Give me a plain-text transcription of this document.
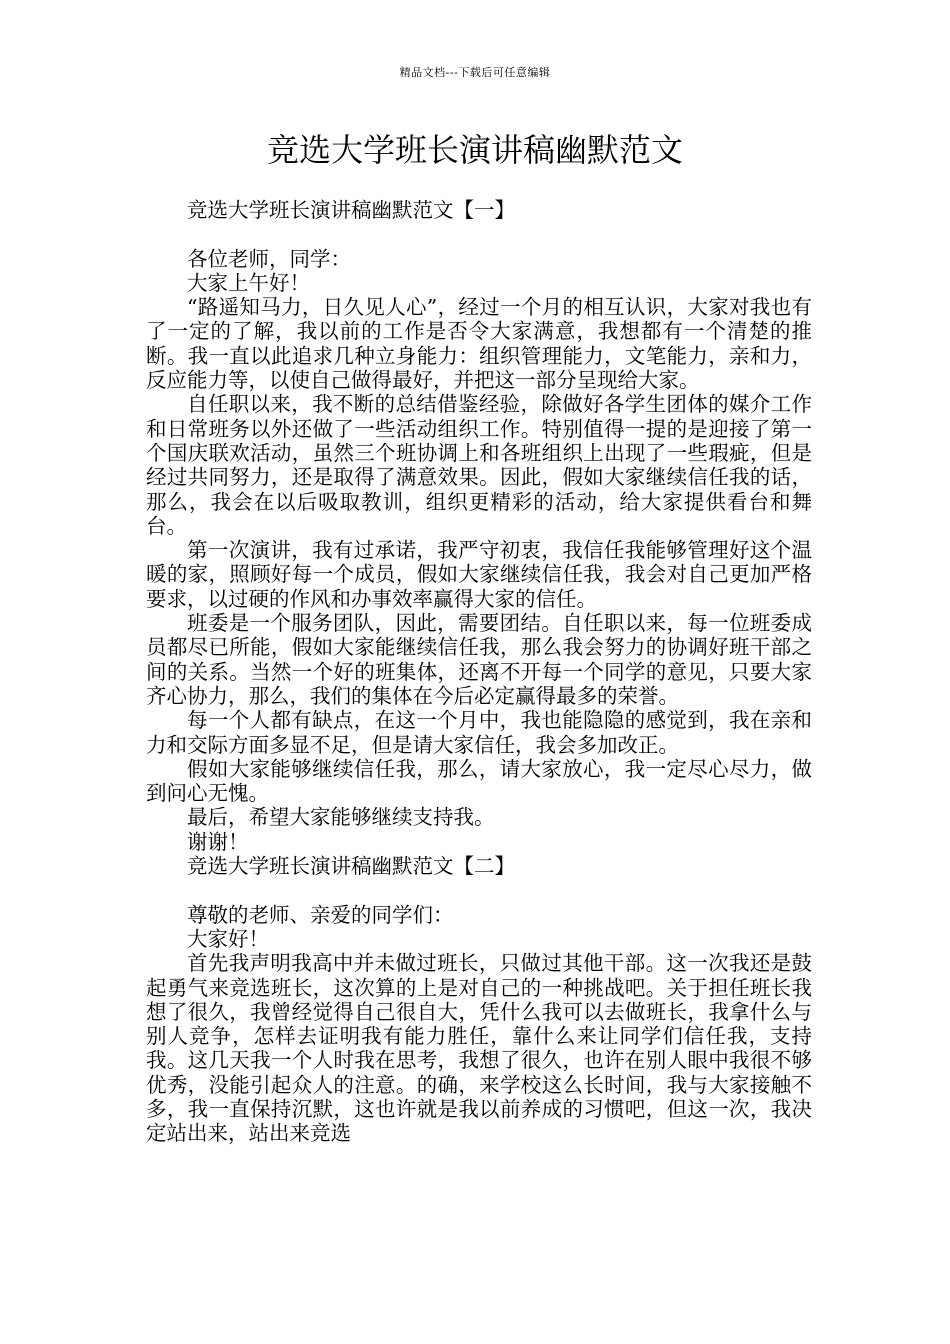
精品文档---下载后可任意编辑
竞选大学班长演讲稿幽默范文

竞选大学班长演讲稿幽默范文【一】

各位老师，同学：

大家上午好！

“路遥知马力，日久见人心”，经过一个月的相互认识，大家对我也有了一定的了解，我以前的工作是否令大家满意，我想都有一个清楚的推断。我一直以此追求几种立身能力：组织管理能力，文笔能力，亲和力，反应能力等，以使自己做得最好，并把这一部分呈现给大家。

自任职以来，我不断的总结借鉴经验，除做好各学生团体的媒介工作和日常班务以外还做了一些活动组织工作。特别值得一提的是迎接了第一个国庆联欢活动，虽然三个班协调上和各班组织上出现了一些瑕疵，但是经过共同努力，还是取得了满意效果。因此，假如大家继续信任我的话，那么，我会在以后吸取教训，组织更精彩的活动，给大家提供看台和舞台。

第一次演讲，我有过承诺，我严守初衷，我信任我能够管理好这个温暖的家，照顾好每一个成员，假如大家继续信任我，我会对自己更加严格要求，以过硬的作风和办事效率赢得大家的信任。

班委是一个服务团队，因此，需要团结。自任职以来，每一位班委成员都尽已所能，假如大家能继续信任我，那么我会努力的协调好班干部之间的关系。当然一个好的班集体，还离不开每一个同学的意见，只要大家齐心协力，那么，我们的集体在今后必定赢得最多的荣誉。

每一个人都有缺点，在这一个月中，我也能隐隐的感觉到，我在亲和力和交际方面多显不足，但是请大家信任，我会多加改正。

假如大家能够继续信任我，那么，请大家放心，我一定尽心尽力，做到问心无愧。

最后，希望大家能够继续支持我。

谢谢！

竞选大学班长演讲稿幽默范文【二】

尊敬的老师、亲爱的同学们：

大家好！

首先我声明我高中并未做过班长，只做过其他干部。这一次我还是鼓起勇气来竞选班长，这次算的上是对自己的一种挑战吧。关于担任班长我想了很久，我曾经觉得自己很自大，凭什么我可以去做班长，我拿什么与别人竞争，怎样去证明我有能力胜任，靠什么来让同学们信任我，支持我。这几天我一个人时我在思考，我想了很久，也许在别人眼中我很不够优秀，没能引起众人的注意。的确，来学校这么长时间，我与大家接触不多，我一直保持沉默，这也许就是我以前养成的习惯吧，但这一次，我决定站出来，站出来竞选
